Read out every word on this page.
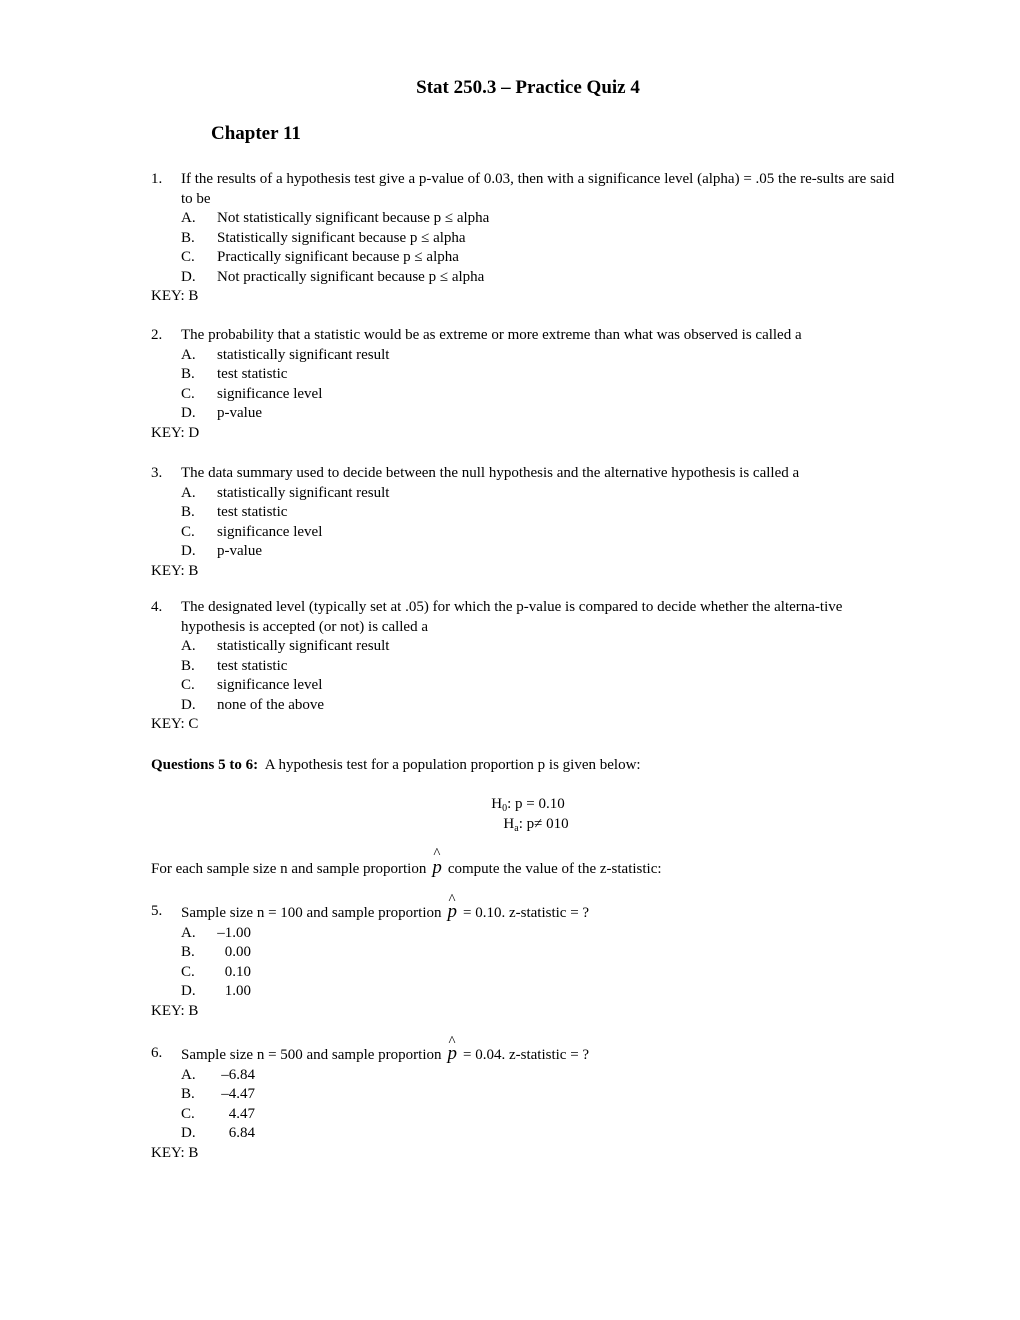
Stat 250.3 – Practice Quiz 4
Chapter 11
1. If the results of a hypothesis test give a p-value of 0.03, then with a significance level (alpha) = .05 the re-sults are said to be
A. Not statistically significant because p ≤ alpha
B. Statistically significant because p ≤ alpha
C. Practically significant because p ≤ alpha
D. Not practically significant because p ≤ alpha
KEY: B
2. The probability that a statistic would be as extreme or more extreme than what was observed is called a
A. statistically significant result
B. test statistic
C. significance level
D. p-value
KEY: D
3. The data summary used to decide between the null hypothesis and the alternative hypothesis is called a
A. statistically significant result
B. test statistic
C. significance level
D. p-value
KEY: B
4. The designated level (typically set at .05) for which the p-value is compared to decide whether the alterna-tive hypothesis is accepted (or not) is called a
A. statistically significant result
B. test statistic
C. significance level
D. none of the above
KEY: C
Questions 5 to 6: A hypothesis test for a population proportion p is given below:
$H_0$: p = 0.10
$H_a$: p≠ 010
For each sample size n and sample proportion ^ p compute the value of the z-statistic:
5. Sample size n = 100 and sample proportion ^ p = 0.10. z-statistic = ?
A. –1.00
B. 0.00
C. 0.10
D. 1.00
KEY: B
6. Sample size n = 500 and sample proportion ^ p = 0.04. z-statistic = ?
A. –6.84
B. –4.47
C. 4.47
D. 6.84
KEY: B
